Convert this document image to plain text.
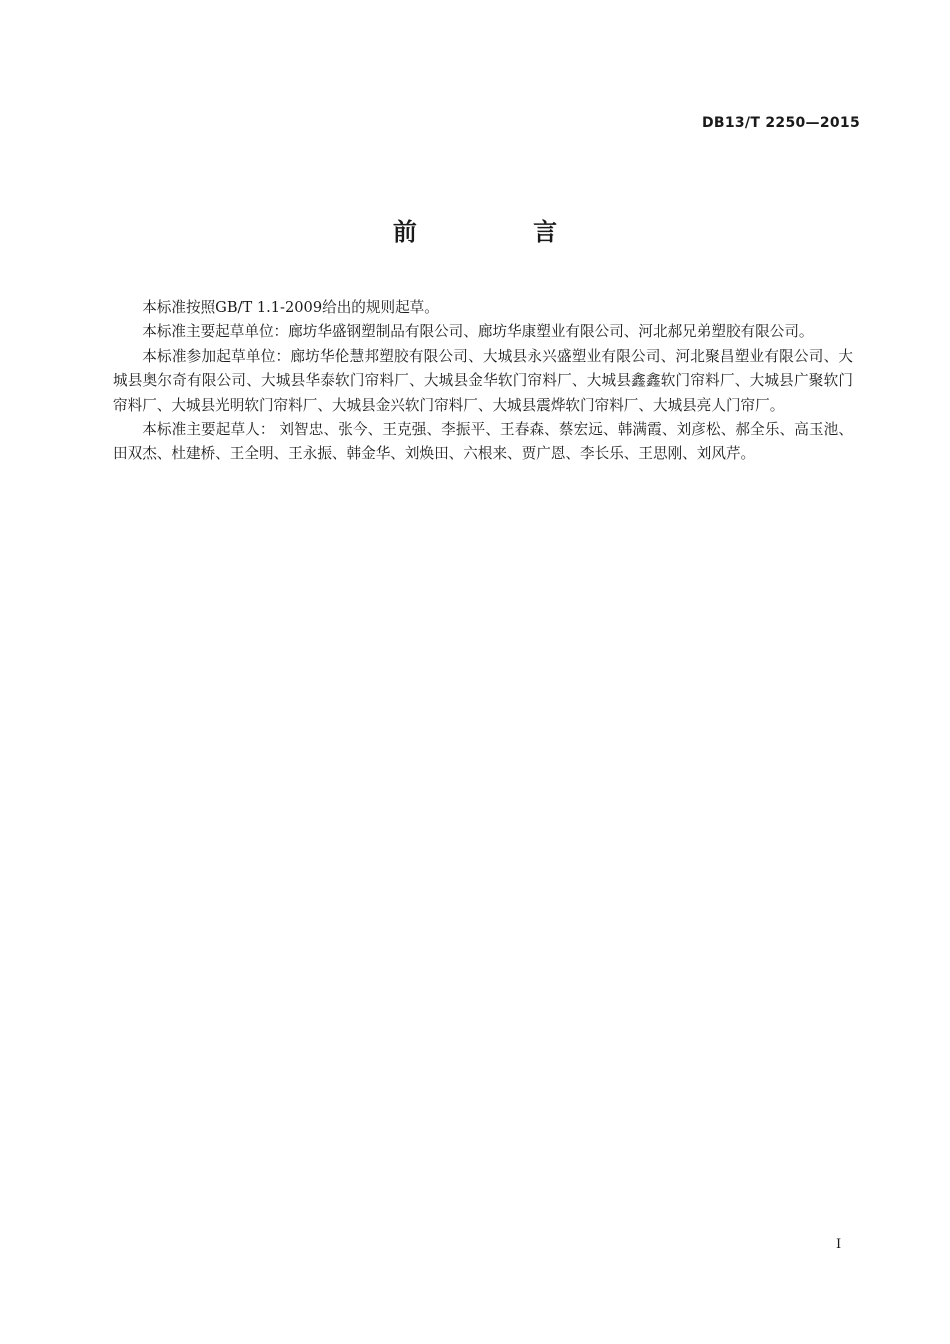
DB13/T 2250—2015
前 言

本标准按照GB/T 1.1-2009给出的规则起草。

本标准主要起草单位：廊坊华盛钢塑制品有限公司、廊坊华康塑业有限公司、河北郝兄弟塑胶有限公司。

本标准参加起草单位：廊坊华伦慧邦塑胶有限公司、大城县永兴盛塑业有限公司、河北聚昌塑业有限公司、大城县奥尔奇有限公司、大城县华泰软门帘料厂、大城县金华软门帘料厂、大城县鑫鑫软门帘料厂、大城县广聚软门帘料厂、大城县光明软门帘料厂、大城县金兴软门帘料厂、大城县震烨软门帘料厂、大城县亮人门帘厂。

本标准主要起草人： 刘智忠、张今、王克强、李振平、王春森、蔡宏远、韩满霞、刘彦松、郝全乐、高玉池、田双杰、杜建桥、王全明、王永振、韩金华、刘焕田、六根来、贾广恩、李长乐、王思刚、刘风芹。

I
